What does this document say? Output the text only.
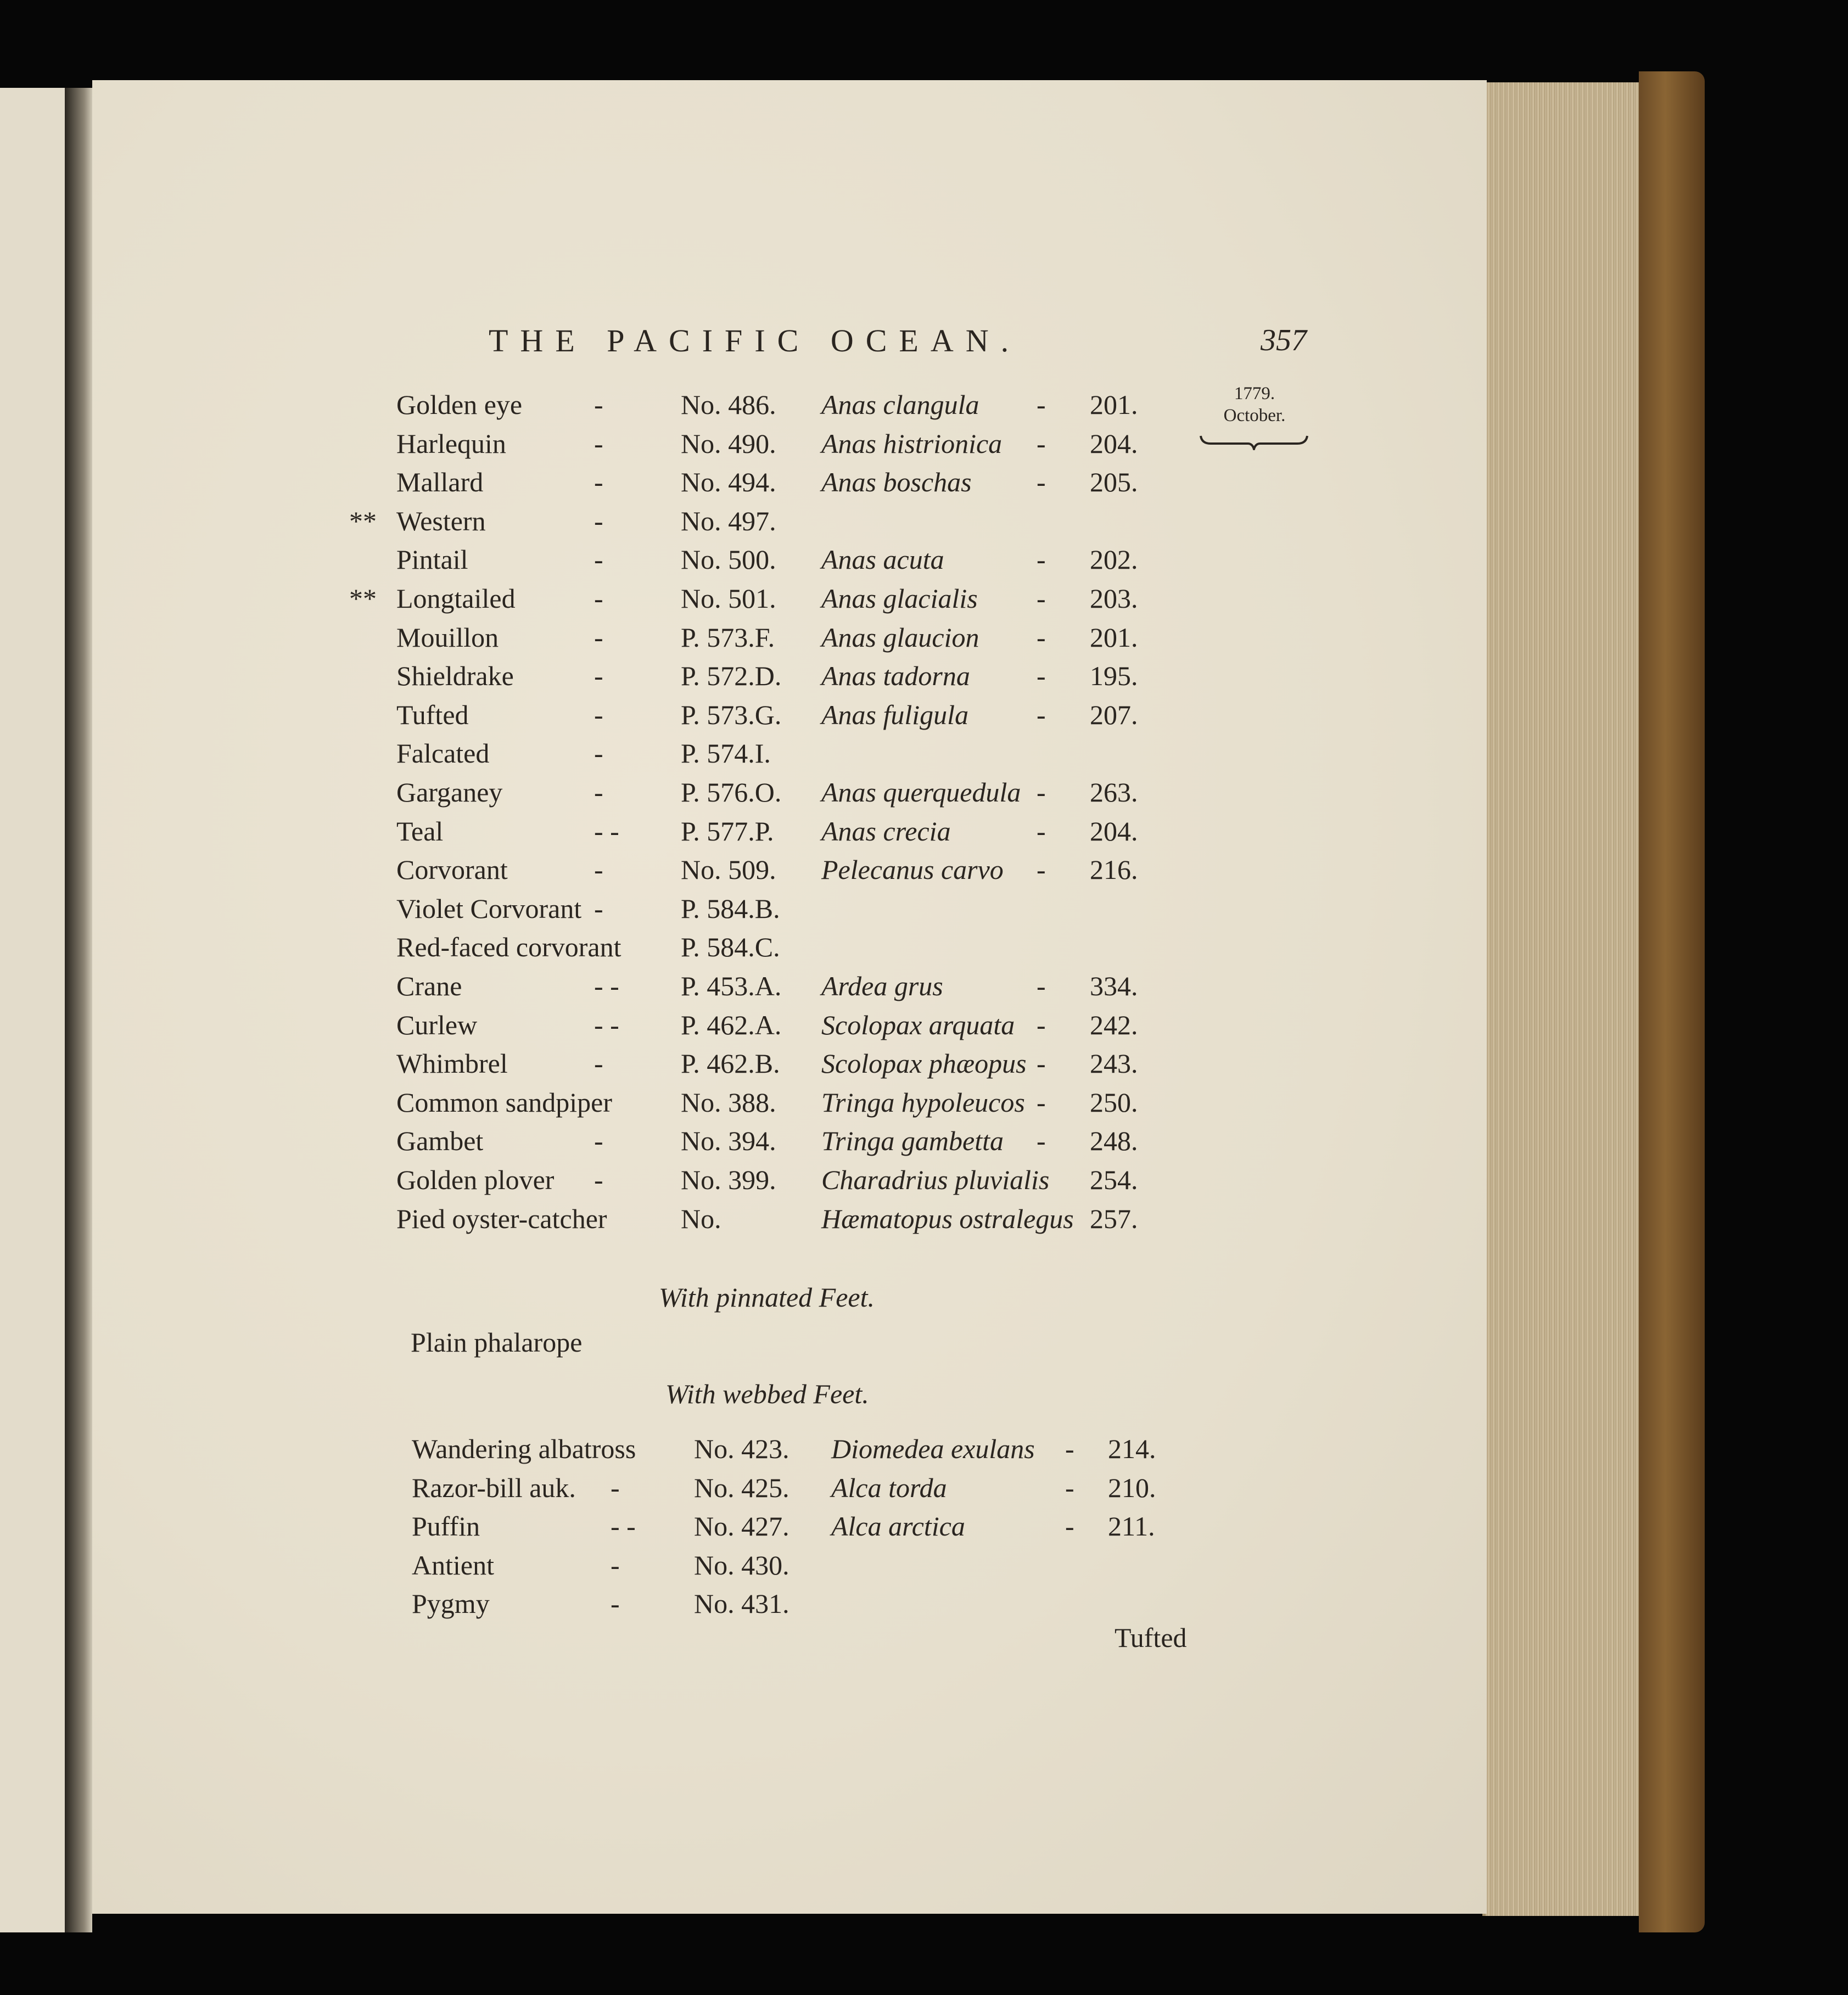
THE PACIFIC OCEAN.	357
1779.
October.
Golden eye	-	No. 486. Anas clangula - 201.
Harlequin	-	No. 490. Anas histrionica - 204.
Mallard	-	No. 494. Anas boschas - 205.
** Western	-	No. 497.
Pintail	-	No. 500. Anas acuta	- 202.
** Longtailed	-	No. 501. Anas glacialis - 203.
Mouillon	-	P. 573.F. Anas glaucion - 201.
Shieldrake	-	P. 572.D. Anas tadorna - 195.
Tufted	-	P. 573.G. Anas fuligula - 207.
Falcated	-	P. 574.I.
Garganey	-	P. 576.O. Anas querquedula - 263.
Teal	- - P. 577.P. Anas crecia	- 204.
Corvorant	-	No. 509. Pelecanus carvo - 216.
Violet Corvorant -	P. 584.B.
Red-faced corvorant P. 584.C.
Crane	- - P. 453.A. Ardea grus	- 334.
Curlew	- - P. 462.A. Scolopax arquata - 242.
Whimbrel	-	P. 462.B. Scolopax phæopus - 243.
Common sandpiper No. 388. Tringa hypoleucos - 250.
Gambet	-	No. 394. Tringa gambetta - 248.
Golden plover -	No. 399. Charadrius pluvialis 254.
Pied oyster-catcher	No.	Hæmatopus ostralegus 257.
With pinnated Feet.
Plain phalarope
With webbed Feet.
Wandering albatross No. 423. Diomedea exulans - 214.
Razor-bill auk. -	No. 425. Alca torda	- 210.
Puffin	- - No. 427. Alca arctica	- 211.
Antient	-	No. 430.
Pygmy	-	No. 431.
Tufted
